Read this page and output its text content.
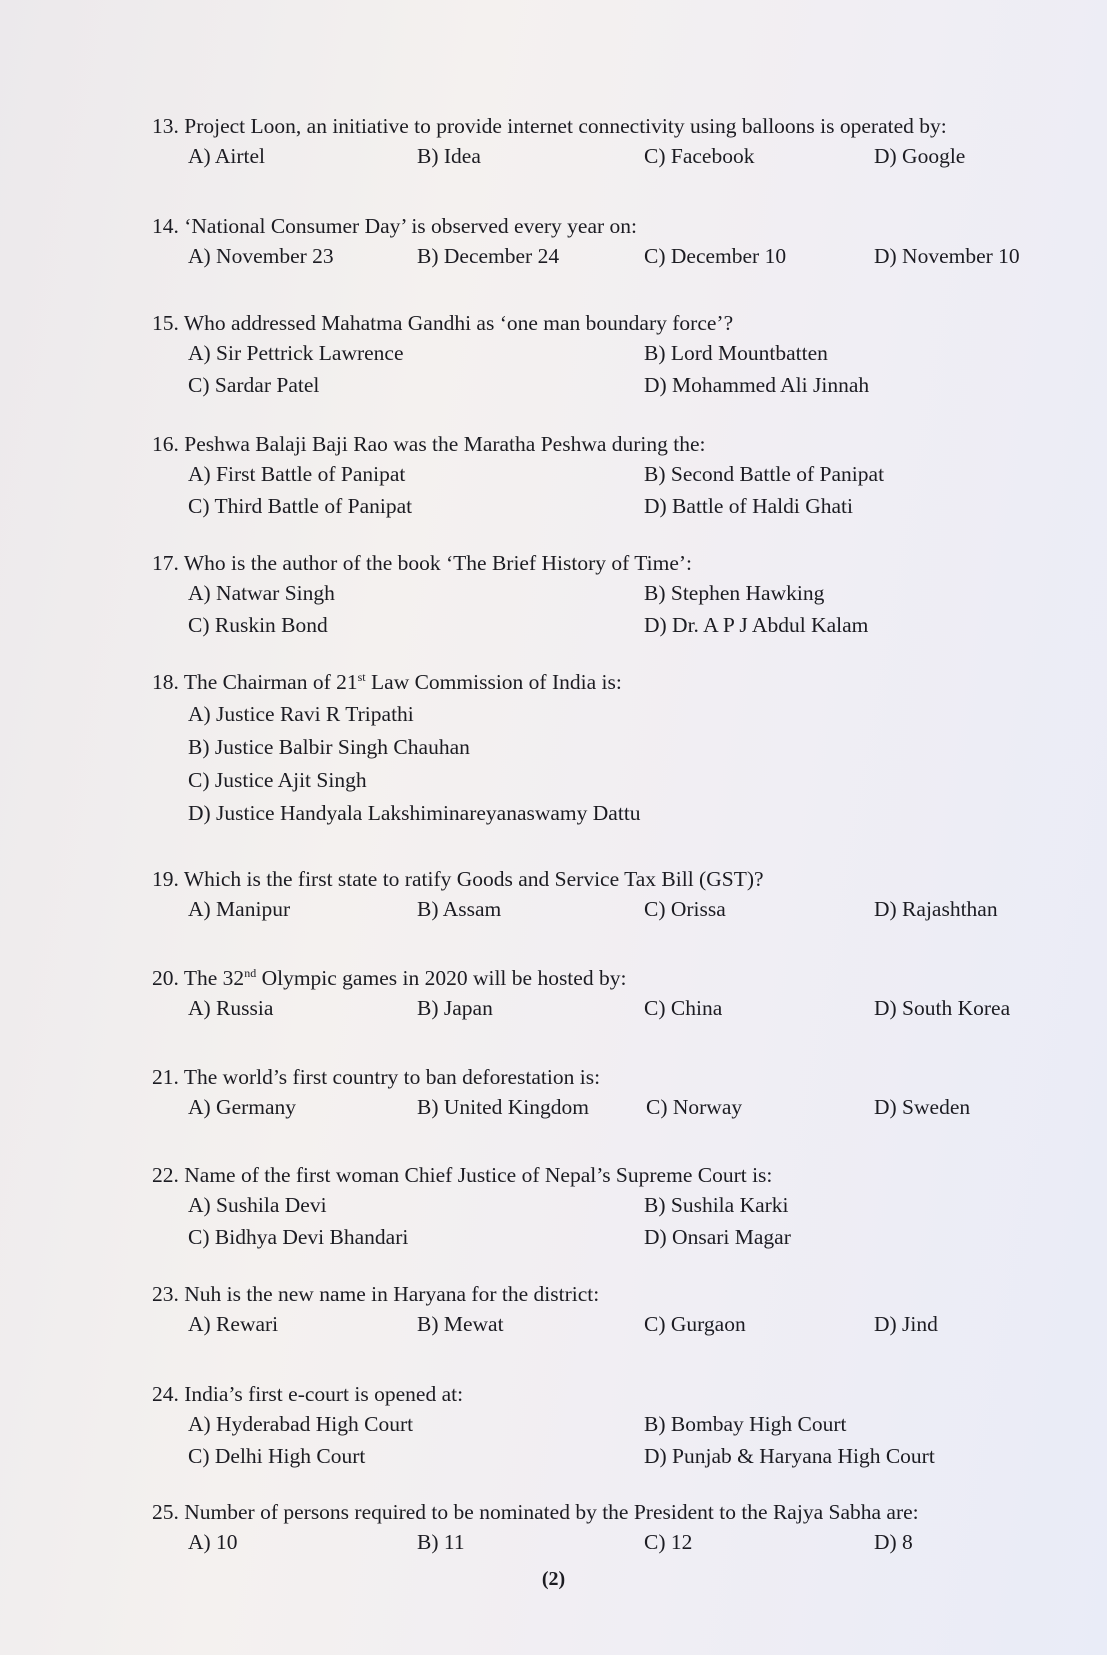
13. Project Loon, an initiative to provide internet connectivity using balloons is operated by:
A) Airtel	B) Idea	C) Facebook	D) Google
14. ‘National Consumer Day’ is observed every year on:
A) November 23	B) December 24	C) December 10	D) November 10
15. Who addressed Mahatma Gandhi as ‘one man boundary force’?
A) Sir Pettrick Lawrence	B) Lord Mountbatten
C) Sardar Patel	D) Mohammed Ali Jinnah
16. Peshwa Balaji Baji Rao was the Maratha Peshwa during the:
A) First Battle of Panipat	B) Second Battle of Panipat
C) Third Battle of Panipat	D) Battle of Haldi Ghati
17. Who is the author of the book ‘The Brief History of Time’:
A) Natwar Singh	B) Stephen Hawking
C) Ruskin Bond	D) Dr. A P J Abdul Kalam
18. The Chairman of 21st Law Commission of India is:
A) Justice Ravi R Tripathi
B) Justice Balbir Singh Chauhan
C) Justice Ajit Singh
D) Justice Handyala Lakshiminareyanaswamy Dattu
19. Which is the first state to ratify Goods and Service Tax Bill (GST)?
A) Manipur	B) Assam	C) Orissa	D) Rajashthan
20. The 32nd Olympic games in 2020 will be hosted by:
A) Russia	B) Japan	C) China	D) South Korea
21. The world’s first country to ban deforestation is:
A) Germany	B) United Kingdom	C) Norway	D) Sweden
22. Name of the first woman Chief Justice of Nepal’s Supreme Court is:
A) Sushila Devi	B) Sushila Karki
C) Bidhya Devi Bhandari	D) Onsari Magar
23. Nuh is the new name in Haryana for the district:
A) Rewari	B) Mewat	C) Gurgaon	D) Jind
24. India’s first e-court is opened at:
A) Hyderabad High Court	B) Bombay High Court
C) Delhi High Court	D) Punjab & Haryana High Court
25. Number of persons required to be nominated by the President to the Rajya Sabha are:
A) 10	B) 11	C) 12	D) 8
(2)
